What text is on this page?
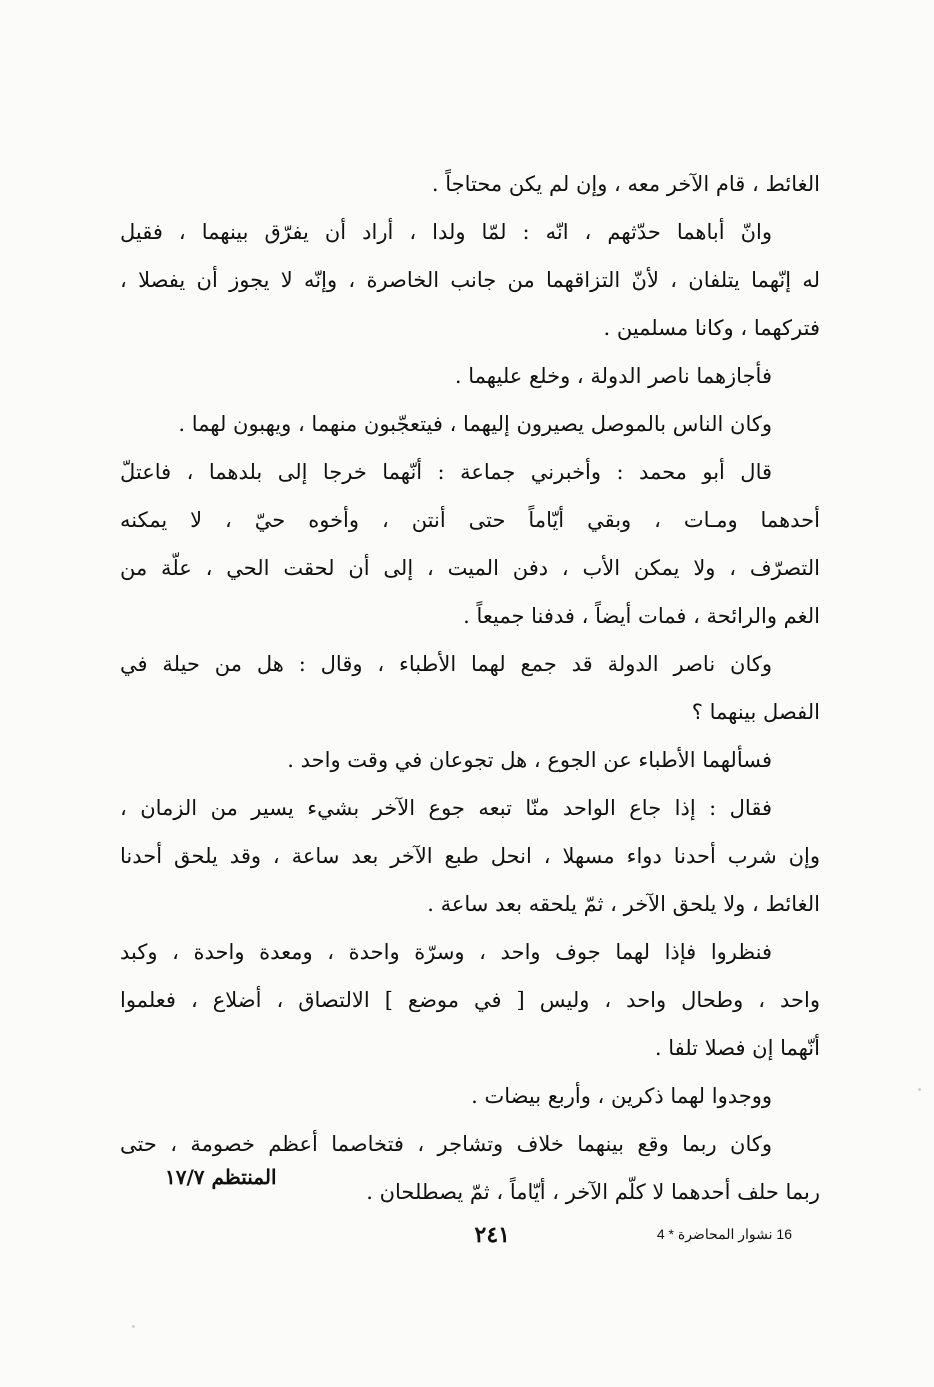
الغائط ، قام الآخر معه ، وإن لم يكن محتاجاً .
وانّ أباهما حدّثهم ، انّه : لمّا ولدا ، أراد أن يفرّق بينهما ، فقيل
له إنّهما يتلفان ، لأنّ التزاقهما من جانب الخاصرة ، وإنّه لا يجوز أن يفصلا ،
فتركهما ، وكانا مسلمين .
فأجازهما ناصر الدولة ، وخلع عليهما .
وكان الناس بالموصل يصيرون إليهما ، فيتعجّبون منهما ، ويهبون لهما .
قال أبو محمد : وأخبرني جماعة : أنّهما خرجا إلى بلدهما ، فاعتلّ
أحدهما ومـات ، وبقي أيّاماً حتى أنتن ، وأخوه حيّ ، لا يمكنه
التصرّف ، ولا يمكن الأب ، دفن الميت ، إلى أن لحقت الحي ، علّة من
الغم والرائحة ، فمات أيضاً ، فدفنا جميعاً .
وكان ناصر الدولة قد جمع لهما الأطباء ، وقال : هل من حيلة في
الفصل بينهما ؟
فسألهما الأطباء عن الجوع ، هل تجوعان في وقت واحد .
فقال : إذا جاع الواحد منّا تبعه جوع الآخر بشيء يسير من الزمان ،
وإن شرب أحدنا دواء مسهلا ، انحل طبع الآخر بعد ساعة ، وقد يلحق أحدنا
الغائط ، ولا يلحق الآخر ، ثمّ يلحقه بعد ساعة .
فنظروا فإذا لهما جوف واحد ، وسرّة واحدة ، ومعدة واحدة ، وكبد
واحد ، وطحال واحد ، وليس [ في موضع ] الالتصاق ، أضلاع ، فعلموا
أنّهما إن فصلا تلفا .
ووجدوا لهما ذكرين ، وأربع بيضات .
وكان ربما وقع بينهما خلاف وتشاجر ، فتخاصما أعظم خصومة ، حتى
ربما حلف أحدهما لا كلّم الآخر ، أيّاماً ، ثمّ يصطلحان .
المنتظم ١٧/٧
16 نشوار المحاضرة * 4
٢٤١
